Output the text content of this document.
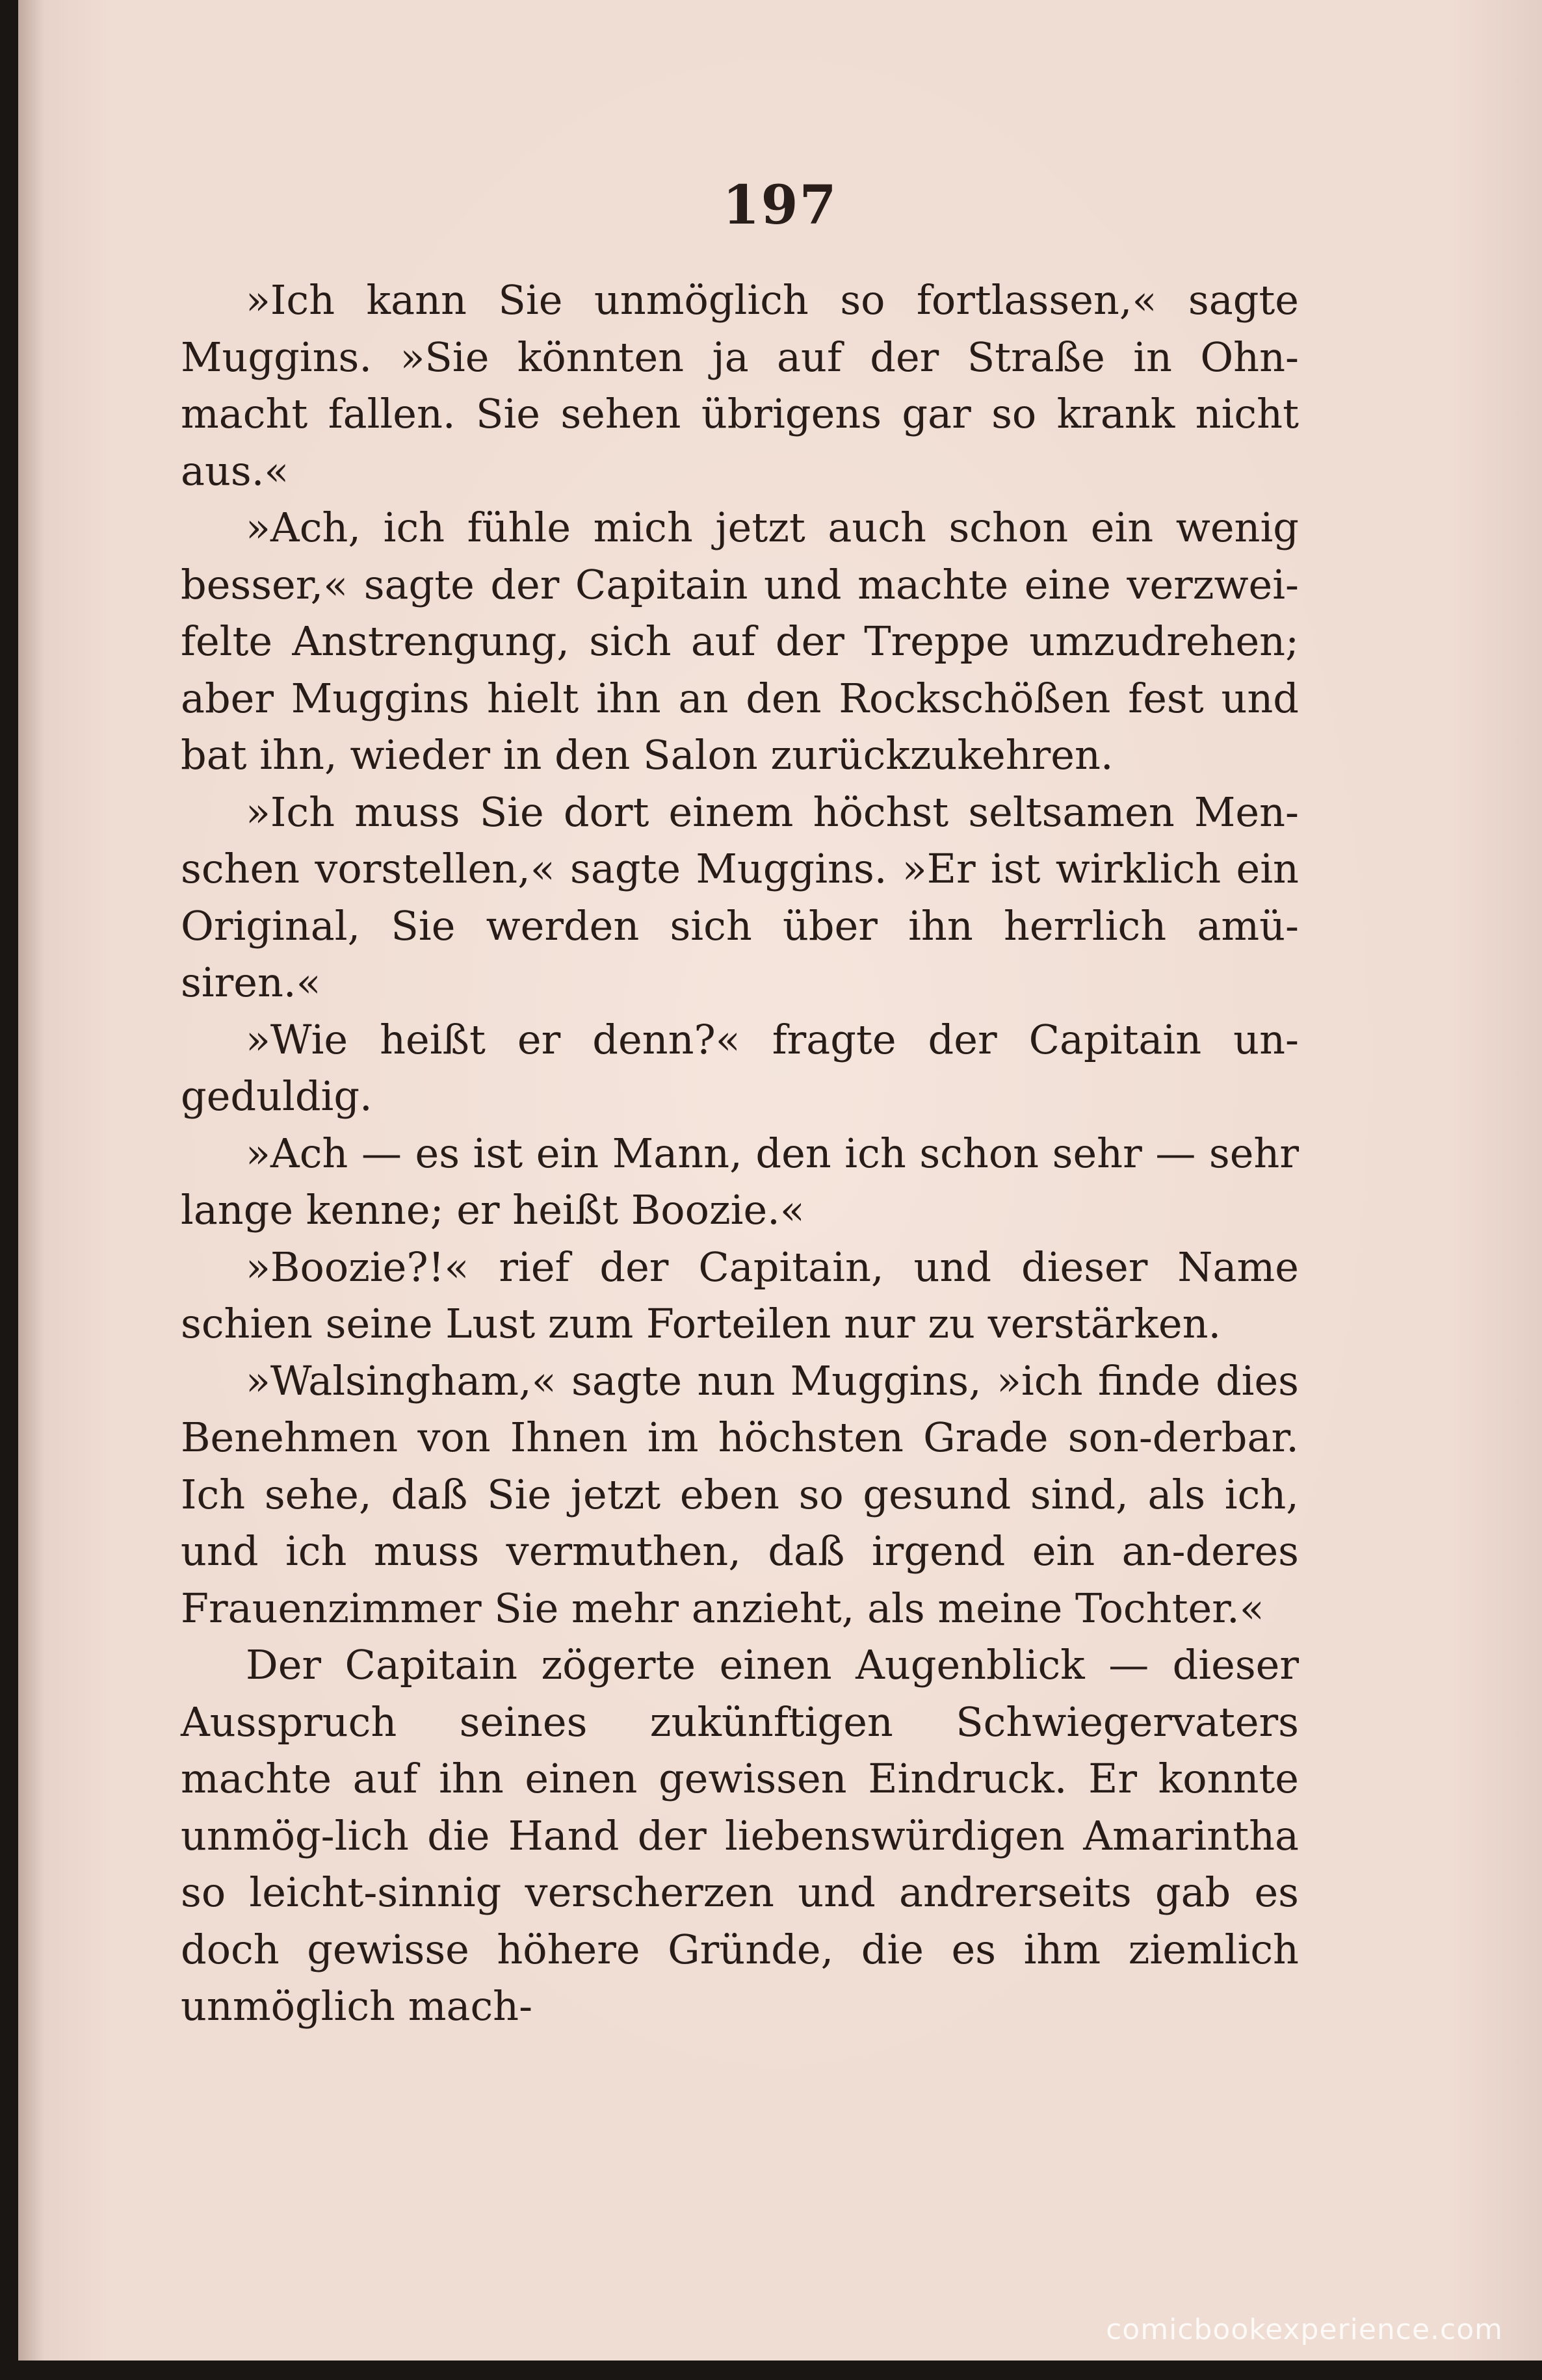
197

»Ich kann Sie unmöglich so fortlassen,« sagte Muggins. »Sie könnten ja auf der Straße in Ohn-macht fallen. Sie sehen übrigens gar so krank nicht aus.«

»Ach, ich fühle mich jetzt auch schon ein wenig besser,« sagte der Capitain und machte eine verzwei-felte Anstrengung, sich auf der Treppe umzudrehen; aber Muggins hielt ihn an den Rockschößen fest und bat ihn, wieder in den Salon zurückzukehren.

»Ich muss Sie dort einem höchst seltsamen Men-schen vorstellen,« sagte Muggins. »Er ist wirklich ein Original, Sie werden sich über ihn herrlich amü-siren.«

»Wie heißt er denn?« fragte der Capitain un-geduldig.

»Ach — es ist ein Mann, den ich schon sehr — sehr lange kenne; er heißt Boozie.«

»Boozie?!« rief der Capitain, und dieser Name schien seine Lust zum Forteilen nur zu verstärken.

»Walsingham,« sagte nun Muggins, »ich finde dies Benehmen von Ihnen im höchsten Grade son-derbar. Ich sehe, daß Sie jetzt eben so gesund sind, als ich, und ich muss vermuthen, daß irgend ein an-deres Frauenzimmer Sie mehr anzieht, als meine Tochter.«

Der Capitain zögerte einen Augenblick — dieser Ausspruch seines zukünftigen Schwiegervaters machte auf ihn einen gewissen Eindruck. Er konnte unmög-lich die Hand der liebenswürdigen Amarintha so leicht-sinnig verscherzen und andrerseits gab es doch gewisse höhere Gründe, die es ihm ziemlich unmöglich mach-

comicbookexperience.com
